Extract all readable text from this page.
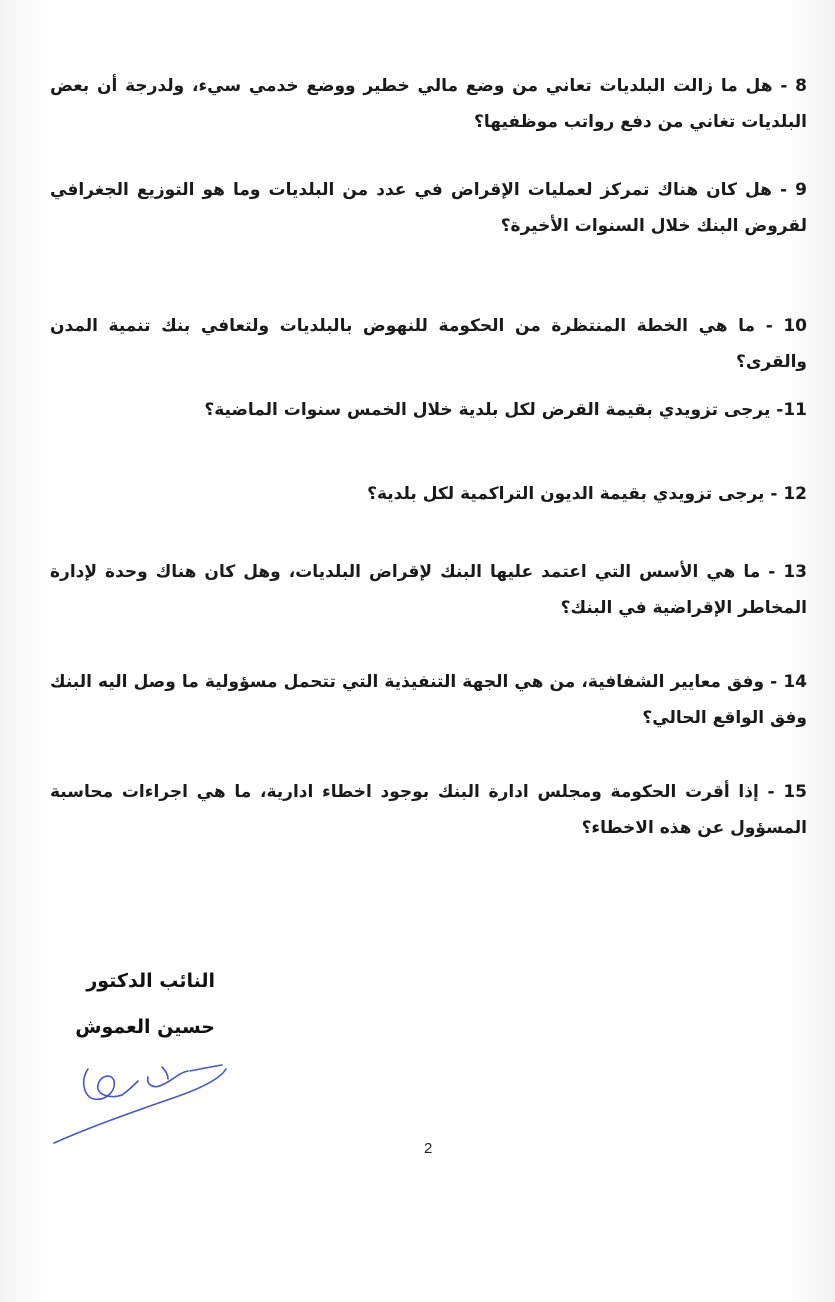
8 - هل ما زالت البلديات تعاني من وضع مالي خطير ووضع خدمي سيء، ولدرجة أن بعض البلديات تغاني من دفع رواتب موظفيها؟
9 - هل كان هناك تمركز لعمليات الإقراض في عدد من البلديات وما هو التوزيع الجغرافي لقروض البنك خلال السنوات الأخيرة؟
10 - ما هي الخطة المنتظرة من الحكومة للنهوض بالبلديات ولتعافي بنك تنمية المدن والقرى؟
11- يرجى تزويدي بقيمة القرض لكل بلدية خلال الخمس سنوات الماضية؟
12 - يرجى تزويدي بقيمة الديون التراكمية لكل بلدية؟
13 - ما هي الأسس التي اعتمد عليها البنك لإقراض البلديات، وهل كان هناك وحدة لإدارة المخاطر الإقراضية في البنك؟
14 - وفق معايير الشفافية، من هي الجهة التنفيذية التي تتحمل مسؤولية ما وصل اليه البنك وفق الواقع الحالي؟
15 - إذا أقرت الحكومة ومجلس ادارة البنك بوجود اخطاء ادارية، ما هي اجراءات محاسبة المسؤول عن هذه الاخطاء؟
النائب الدكتور
حسين العموش
2
